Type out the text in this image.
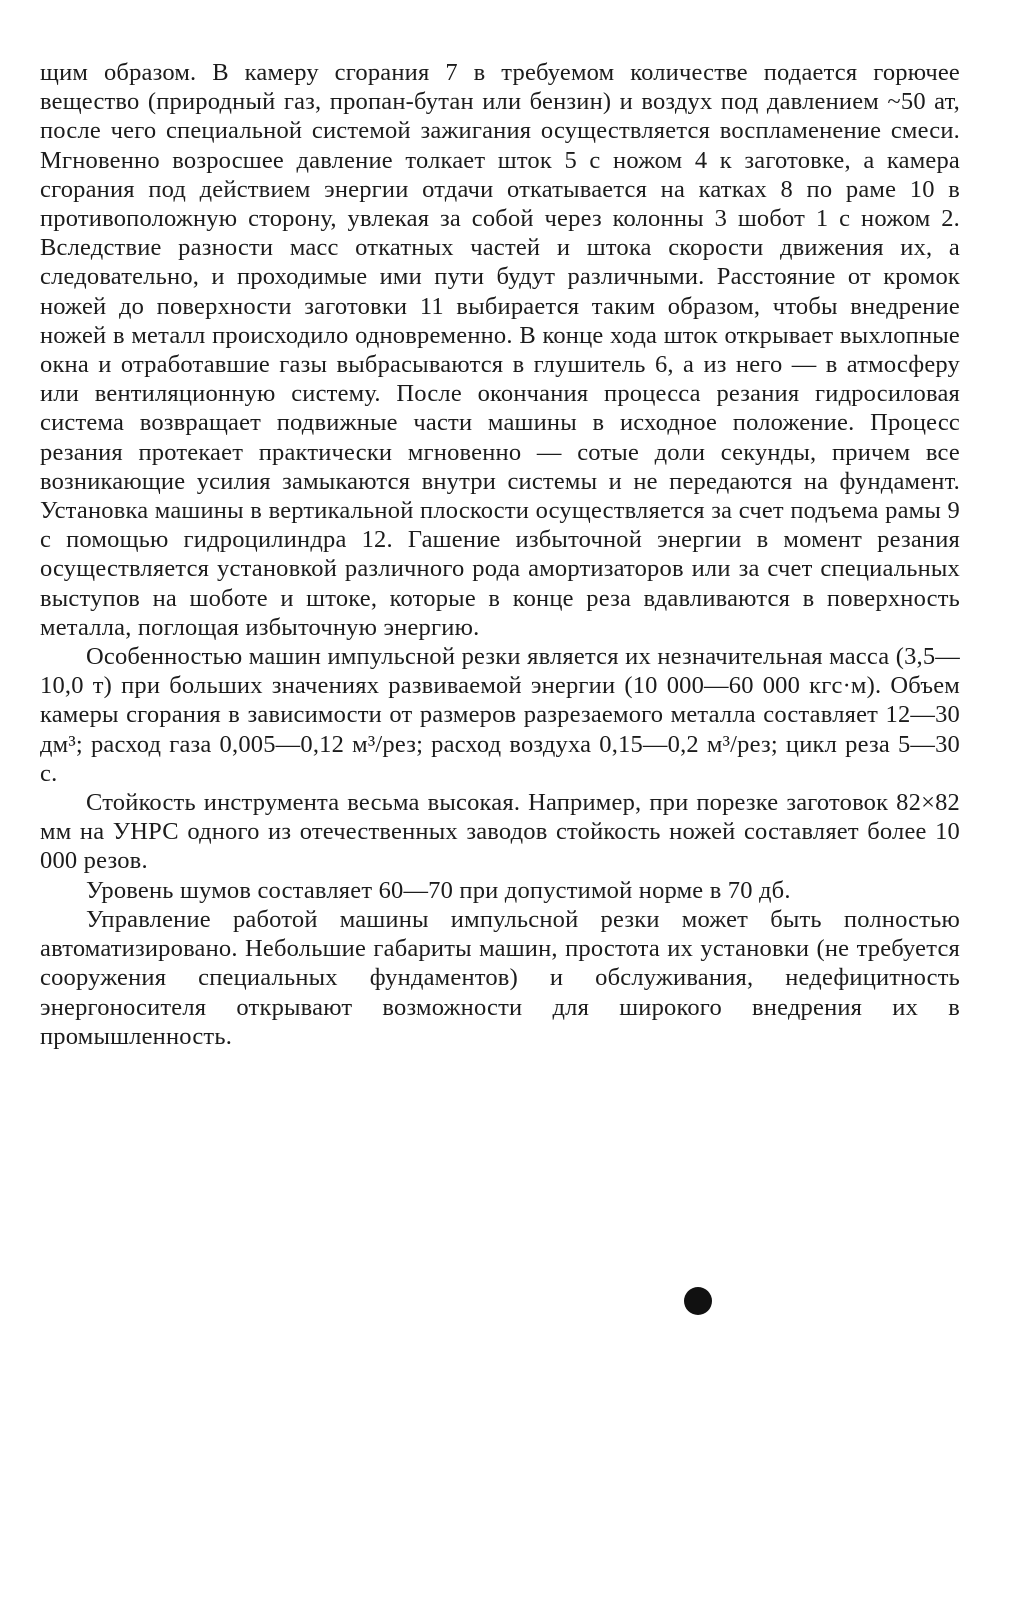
щим образом. В камеру сгорания 7 в требуемом количестве подается горючее вещество (природный газ, пропан-бутан или бензин) и воздух под давлением ~50 ат, после чего специальной системой зажигания осуществляется воспламенение смеси. Мгновенно возросшее давление толкает шток 5 с ножом 4 к заготовке, а камера сгорания под действием энергии отдачи откатывается на катках 8 по раме 10 в противоположную сторону, увлекая за собой через колонны 3 шобот 1 с ножом 2. Вследствие разности масс откатных частей и штока скорости движения их, а следовательно, и проходимые ими пути будут различными. Расстояние от кромок ножей до поверхности заготовки 11 выбирается таким образом, чтобы внедрение ножей в металл происходило одновременно. В конце хода шток открывает выхлопные окна и отработавшие газы выбрасываются в глушитель 6, а из него — в атмосферу или вентиляционную систему. После окончания процесса резания гидросиловая система возвращает подвижные части машины в исходное положение. Процесс резания протекает практически мгновенно — сотые доли секунды, причем все возникающие усилия замыкаются внутри системы и не передаются на фундамент. Установка машины в вертикальной плоскости осуществляется за счет подъема рамы 9 с помощью гидроцилиндра 12. Гашение избыточной энергии в момент резания осуществляется установкой различного рода амортизаторов или за счет специальных выступов на шоботе и штоке, которые в конце реза вдавливаются в поверхность металла, поглощая избыточную энергию.

Особенностью машин импульсной резки является их незначительная масса (3,5—10,0 т) при больших значениях развиваемой энергии (10 000—60 000 кгс·м). Объем камеры сгорания в зависимости от размеров разрезаемого металла составляет 12—30 дм³; расход газа 0,005—0,12 м³/рез; расход воздуха 0,15—0,2 м³/рез; цикл реза 5—30 с.

Стойкость инструмента весьма высокая. Например, при порезке заготовок 82×82 мм на УНРС одного из отечественных заводов стойкость ножей составляет более 10 000 резов.

Уровень шумов составляет 60—70 при допустимой норме в 70 дб.

Управление работой машины импульсной резки может быть полностью автоматизировано. Небольшие габариты машин, простота их установки (не требуется сооружения специальных фундаментов) и обслуживания, недефицитность энергоносителя открывают возможности для широкого внедрения их в промышленность.
